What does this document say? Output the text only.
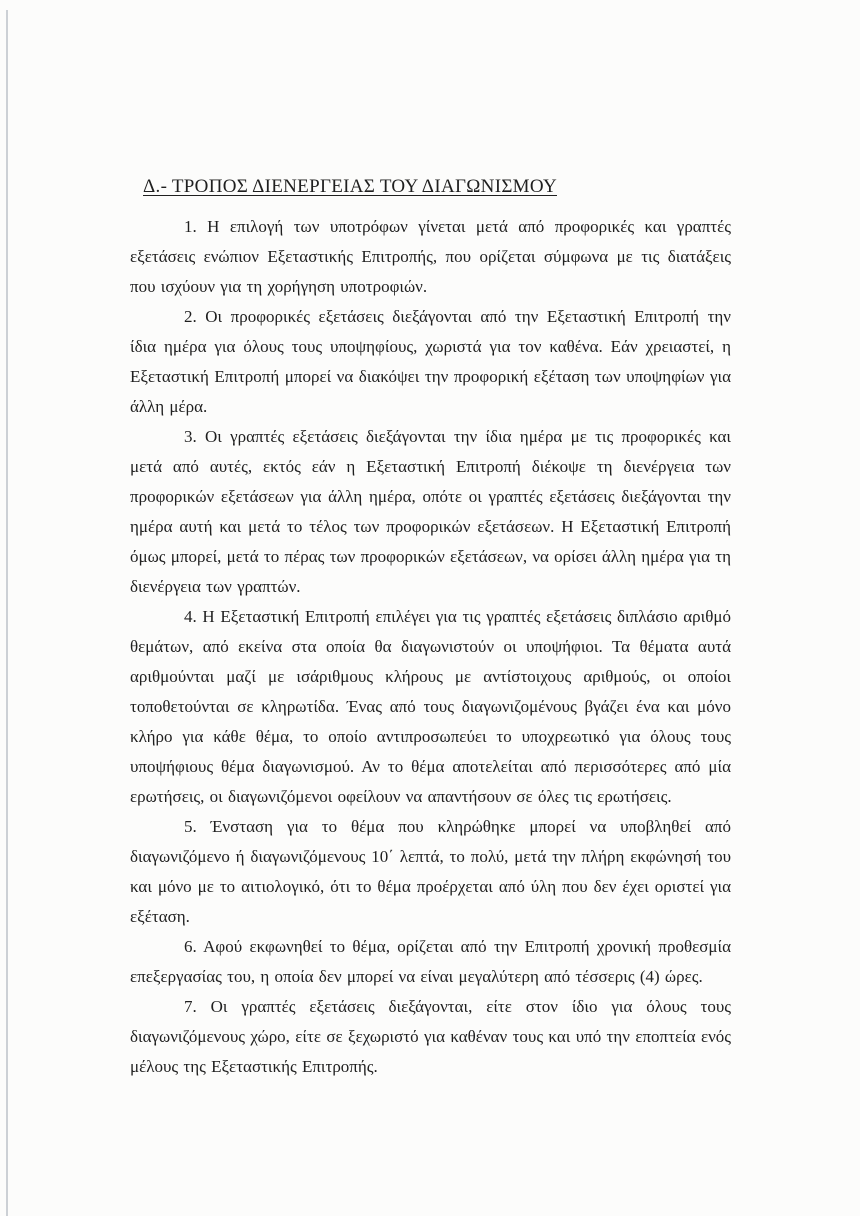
Δ.- ΤΡΟΠΟΣ ΔΙΕΝΕΡΓΕΙΑΣ ΤΟΥ ΔΙΑΓΩΝΙΣΜΟΥ

1. Η επιλογή των υποτρόφων γίνεται μετά από προφορικές και γραπτές εξετάσεις ενώπιον Εξεταστικής Επιτροπής, που ορίζεται σύμφωνα με τις διατάξεις που ισχύουν για τη χορήγηση υποτροφιών.

2. Οι προφορικές εξετάσεις διεξάγονται από την Εξεταστική Επιτροπή την ίδια ημέρα για όλους τους υποψηφίους, χωριστά για τον καθένα. Εάν χρειαστεί, η Εξεταστική Επιτροπή μπορεί να διακόψει την προφορική εξέταση των υποψηφίων για άλλη μέρα.

3. Οι γραπτές εξετάσεις διεξάγονται την ίδια ημέρα με τις προφορικές και μετά από αυτές, εκτός εάν η Εξεταστική Επιτροπή διέκοψε τη διενέργεια των προφορικών εξετάσεων για άλλη ημέρα, οπότε οι γραπτές εξετάσεις διεξάγονται την ημέρα αυτή και μετά το τέλος των προφορικών εξετάσεων. Η Εξεταστική Επιτροπή όμως μπορεί, μετά το πέρας των προφορικών εξετάσεων, να ορίσει άλλη ημέρα για τη διενέργεια των γραπτών.

4. Η Εξεταστική Επιτροπή επιλέγει για τις γραπτές εξετάσεις διπλάσιο αριθμό θεμάτων, από εκείνα στα οποία θα διαγωνιστούν οι υποψήφιοι. Τα θέματα αυτά αριθμούνται μαζί με ισάριθμους κλήρους με αντίστοιχους αριθμούς, οι οποίοι τοποθετούνται σε κληρωτίδα. Ένας από τους διαγωνιζομένους βγάζει ένα και μόνο κλήρο για κάθε θέμα, το οποίο αντιπροσωπεύει το υποχρεωτικό για όλους τους υποψήφιους θέμα διαγωνισμού. Αν το θέμα αποτελείται από περισσότερες από μία ερωτήσεις, οι διαγωνιζόμενοι οφείλουν να απαντήσουν σε όλες τις ερωτήσεις.

5. Ένσταση για το θέμα που κληρώθηκε μπορεί να υποβληθεί από διαγωνιζόμενο ή διαγωνιζόμενους 10΄ λεπτά, το πολύ, μετά την πλήρη εκφώνησή του και μόνο με το αιτιολογικό, ότι το θέμα προέρχεται από ύλη που δεν έχει οριστεί για εξέταση.

6. Αφού εκφωνηθεί το θέμα, ορίζεται από την Επιτροπή χρονική προθεσμία επεξεργασίας του, η οποία δεν μπορεί να είναι μεγαλύτερη από τέσσερις (4) ώρες.

7. Οι γραπτές εξετάσεις διεξάγονται, είτε στον ίδιο για όλους τους διαγωνιζόμενους χώρο, είτε σε ξεχωριστό για καθέναν τους και υπό την εποπτεία ενός μέλους της Εξεταστικής Επιτροπής.
